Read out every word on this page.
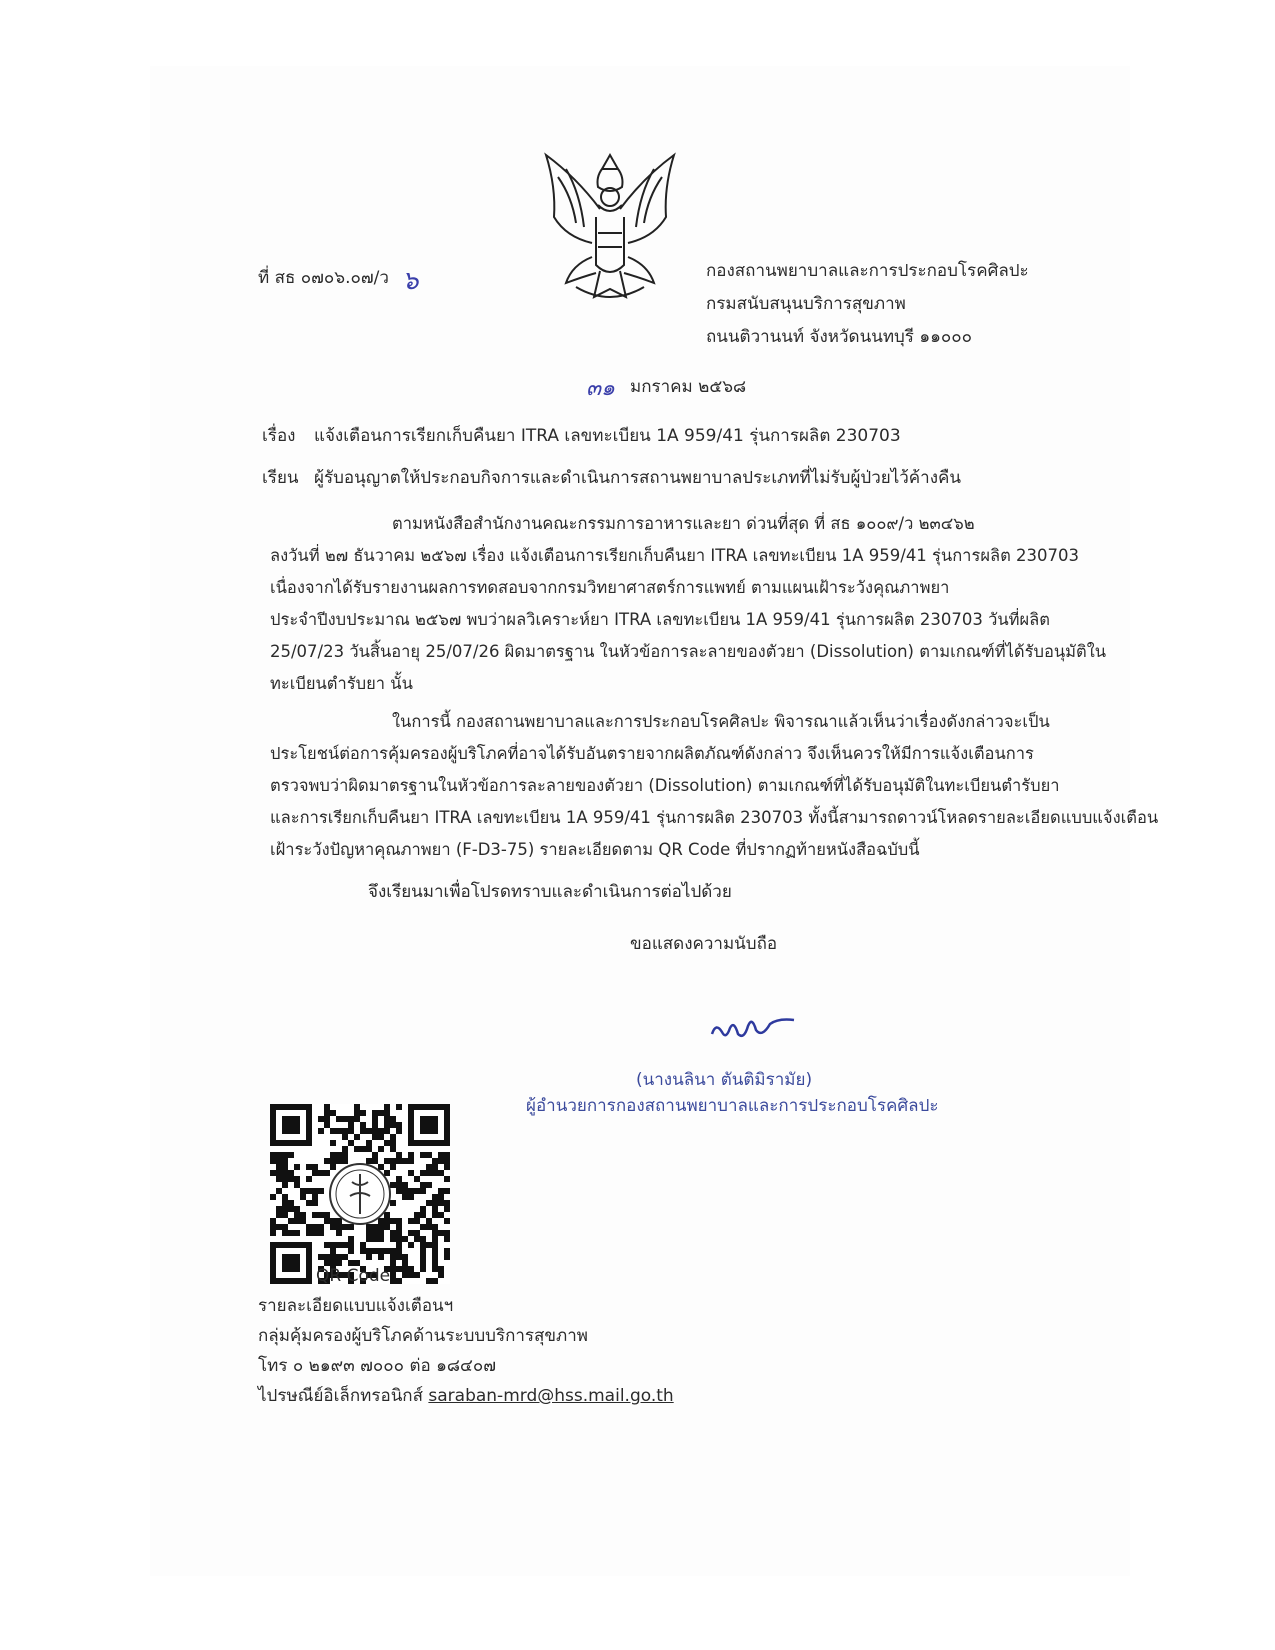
ที่ สธ ๐๗๐๖.๐๗/ว ๖	กองสถานพยาบาลและการประกอบโรคศิลปะ
กรมสนับสนุนบริการสุขภาพ
ถนนติวานนท์ จังหวัดนนทบุรี ๑๑๐๐๐
๓๑ มกราคม ๒๕๖๘
เรื่อง แจ้งเตือนการเรียกเก็บคืนยา ITRA เลขทะเบียน 1A 959/41 รุ่นการผลิต 230703
เรียน ผู้รับอนุญาตให้ประกอบกิจการและดำเนินการสถานพยาบาลประเภทที่ไม่รับผู้ป่วยไว้ค้างคืน
ตามหนังสือสำนักงานคณะกรรมการอาหารและยา ด่วนที่สุด ที่ สธ ๑๐๐๙/ว ๒๓๔๖๒
ลงวันที่ ๒๗ ธันวาคม ๒๕๖๗ เรื่อง แจ้งเตือนการเรียกเก็บคืนยา ITRA เลขทะเบียน 1A 959/41 รุ่นการผลิต 230703
เนื่องจากได้รับรายงานผลการทดสอบจากกรมวิทยาศาสตร์การแพทย์ ตามแผนเฝ้าระวังคุณภาพยา
ประจำปีงบประมาณ ๒๕๖๗ พบว่าผลวิเคราะห์ยา ITRA เลขทะเบียน 1A 959/41 รุ่นการผลิต 230703 วันที่ผลิต
25/07/23 วันสิ้นอายุ 25/07/26 ผิดมาตรฐาน ในหัวข้อการละลายของตัวยา (Dissolution) ตามเกณฑ์ที่ได้รับอนุมัติใน
ทะเบียนตำรับยา นั้น
ในการนี้ กองสถานพยาบาลและการประกอบโรคศิลปะ พิจารณาแล้วเห็นว่าเรื่องดังกล่าวจะเป็น
ประโยชน์ต่อการคุ้มครองผู้บริโภคที่อาจได้รับอันตรายจากผลิตภัณฑ์ดังกล่าว จึงเห็นควรให้มีการแจ้งเตือนการ
ตรวจพบว่าผิดมาตรฐานในหัวข้อการละลายของตัวยา (Dissolution) ตามเกณฑ์ที่ได้รับอนุมัติในทะเบียนตำรับยา
และการเรียกเก็บคืนยา ITRA เลขทะเบียน 1A 959/41 รุ่นการผลิต 230703 ทั้งนี้สามารถดาวน์โหลดรายละเอียดแบบแจ้งเตือน
เฝ้าระวังปัญหาคุณภาพยา (F-D3-75) รายละเอียดตาม QR Code ที่ปรากฏท้ายหนังสือฉบับนี้
จึงเรียนมาเพื่อโปรดทราบและดำเนินการต่อไปด้วย
ขอแสดงความนับถือ
(นางนลินา ตันติมิรามัย)
ผู้อำนวยการกองสถานพยาบาลและการประกอบโรคศิลปะ
QR Code
รายละเอียดแบบแจ้งเตือนฯ
กลุ่มคุ้มครองผู้บริโภคด้านระบบบริการสุขภาพ
โทร ๐ ๒๑๙๓ ๗๐๐๐ ต่อ ๑๘๔๐๗
ไปรษณีย์อิเล็กทรอนิกส์ saraban-mrd@hss.mail.go.th
